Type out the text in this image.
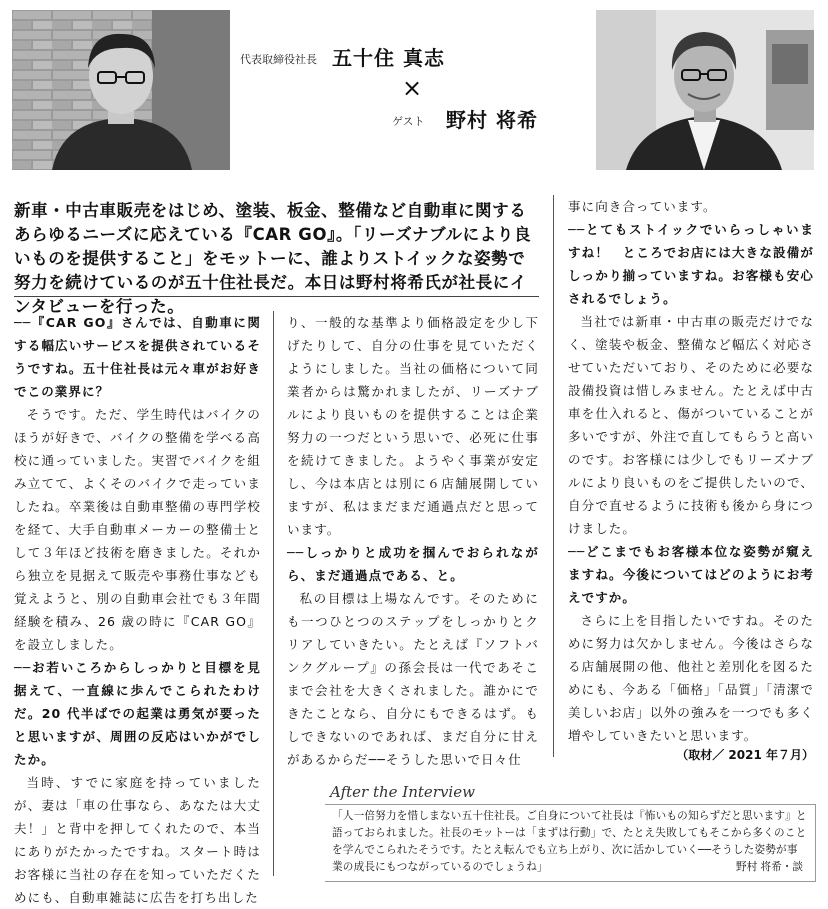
代表取締役社長 五十住 真志
×
ゲスト 野村 将希
新車・中古車販売をはじめ、塗装、板金、整備など自動車に関するあらゆるニーズに応えている『CAR GO』。「リーズナブルにより良いものを提供すること」をモットーに、誰よりストイックな姿勢で努力を続けているのが五十住社長だ。本日は野村将希氏が社長にインタビューを行った。

──『CAR GO』さんでは、自動車に関する幅広いサービスを提供されているそうですね。五十住社長は元々車がお好きでこの業界に？

そうです。ただ、学生時代はバイクのほうが好きで、バイクの整備を学べる高校に通っていました。実習でバイクを組み立てて、よくそのバイクで走っていましたね。卒業後は自動車整備の専門学校を経て、大手自動車メーカーの整備士として３年ほど技術を磨きました。それから独立を見据えて販売や事務仕事なども覚えようと、別の自動車会社でも３年間経験を積み、26 歳の時に『CAR GO』を設立しました。

──お若いころからしっかりと目標を見据えて、一直線に歩んでこられたわけだ。20 代半ばでの起業は勇気が要ったと思いますが、周囲の反応はいかがでしたか。

当時、すでに家庭を持っていましたが、妻は「車の仕事なら、あなたは大丈夫！」と背中を押してくれたので、本当にありがたかったですね。スタート時はお客様に当社の存在を知っていただくためにも、自動車雑誌に広告を打ち出した

り、一般的な基準より価格設定を少し下げたりして、自分の仕事を見ていただくようにしました。当社の価格について同業者からは驚かれましたが、リーズナブルにより良いものを提供することは企業努力の一つだという思いで、必死に仕事を続けてきました。ようやく事業が安定し、今は本店とは別に６店舗展開していますが、私はまだまだ通過点だと思っています。

──しっかりと成功を掴んでおられながら、まだ通過点である、と。

私の目標は上場なんです。そのためにも一つひとつのステップをしっかりとクリアしていきたい。たとえば『ソフトバンクグループ』の孫会長は一代であそこまで会社を大きくされました。誰かにできたことなら、自分にもできるはず。もしできないのであれば、まだ自分に甘えがあるからだ──そうした思いで日々仕

事に向き合っています。

──とてもストイックでいらっしゃいますね！　ところでお店には大きな設備がしっかり揃っていますね。お客様も安心されるでしょう。

当社では新車・中古車の販売だけでなく、塗装や板金、整備など幅広く対応させていただいており、そのために必要な設備投資は惜しみません。たとえば中古車を仕入れると、傷がついていることが多いですが、外注で直してもらうと高いのです。お客様には少しでもリーズナブルにより良いものをご提供したいので、自分で直せるように技術も後から身につけました。

──どこまでもお客様本位な姿勢が窺えますね。今後についてはどのようにお考えですか。

さらに上を目指したいですね。そのために努力は欠かしません。今後はさらなる店舗展開の他、他社と差別化を図るためにも、今ある「価格」「品質」「清潔で美しいお店」以外の強みを一つでも多く増やしていきたいと思います。

（取材／ 2021 年７月）
After the Interview
「人一倍努力を惜しまない五十住社長。ご自身について社長は『怖いもの知らずだと思います』と語っておられました。社長のモットーは「まずは行動」で、たとえ失敗してもそこから多くのことを学んでこられたそうです。たとえ転んでも立ち上がり、次に活かしていく──そうした姿勢が事業の成長にもつながっているのでしょうね」	野村 将希・談
